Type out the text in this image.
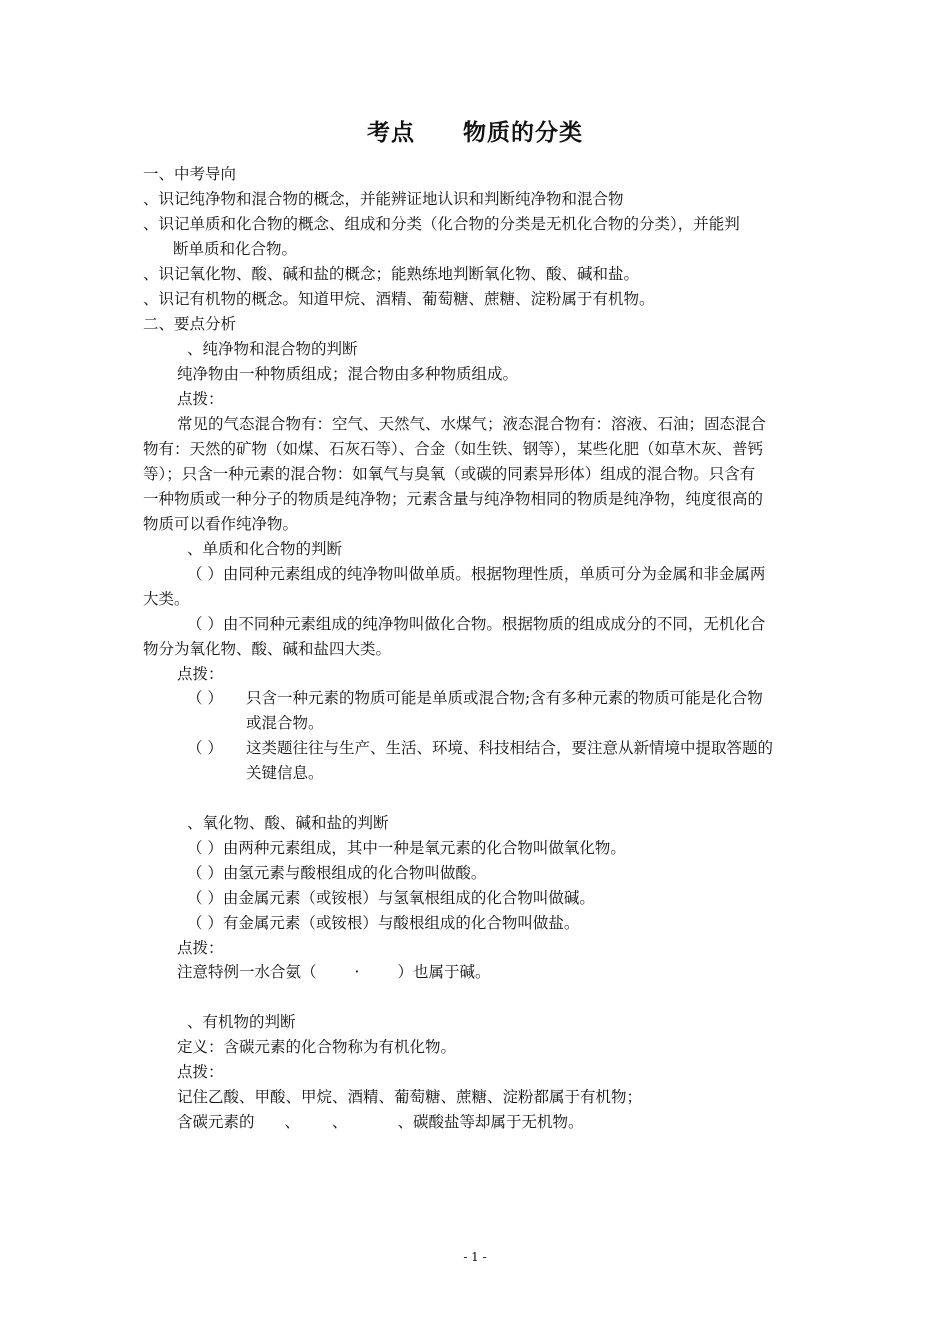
考点 物质的分类
一、中考导向
、识记纯净物和混合物的概念，并能辨证地认识和判断纯净物和混合物
、识记单质和化合物的概念、组成和分类（化合物的分类是无机化合物的分类），并能判
断单质和化合物。
、识记氧化物、酸、碱和盐的概念；能熟练地判断氧化物、酸、碱和盐。
、识记有机物的概念。知道甲烷、酒精、葡萄糖、蔗糖、淀粉属于有机物。
二、要点分析
、纯净物和混合物的判断
纯净物由一种物质组成；混合物由多种物质组成。
点拨：
常见的气态混合物有：空气、天然气、水煤气；液态混合物有：溶液、石油；固态混合
物有：天然的矿物（如煤、石灰石等）、合金（如生铁、钢等），某些化肥（如草木灰、普钙
等）；只含一种元素的混合物：如氧气与臭氧（或碳的同素异形体）组成的混合物。只含有
一种物质或一种分子的物质是纯净物；元素含量与纯净物相同的物质是纯净物，纯度很高的
物质可以看作纯净物。
、单质和化合物的判断
（ ）由同种元素组成的纯净物叫做单质。根据物理性质，单质可分为金属和非金属两
大类。
（ ）由不同种元素组成的纯净物叫做化合物。根据物质的组成成分的不同，无机化合
物分为氧化物、酸、碱和盐四大类。
点拨：
（ ） 只含一种元素的物质可能是单质或混合物;含有多种元素的物质可能是化合物
或混合物。
（ ） 这类题往往与生产、生活、环境、科技相结合，要注意从新情境中提取答题的
关键信息。
、氧化物、酸、碱和盐的判断
（ ）由两种元素组成，其中一种是氧元素的化合物叫做氧化物。
（ ）由氢元素与酸根组成的化合物叫做酸。
（ ）由金属元素（或铵根）与氢氧根组成的化合物叫做碱。
（ ）有金属元素（或铵根）与酸根组成的化合物叫做盐。
点拨：
注意特例一水合氨（ · ）也属于碱。
、有机物的判断
定义：含碳元素的化合物称为有机化物。
点拨：
记住乙酸、甲酸、甲烷、酒精、葡萄糖、蔗糖、淀粉都属于有机物；
含碳元素的 、 、	、碳酸盐等却属于无机物。
- 1 -
